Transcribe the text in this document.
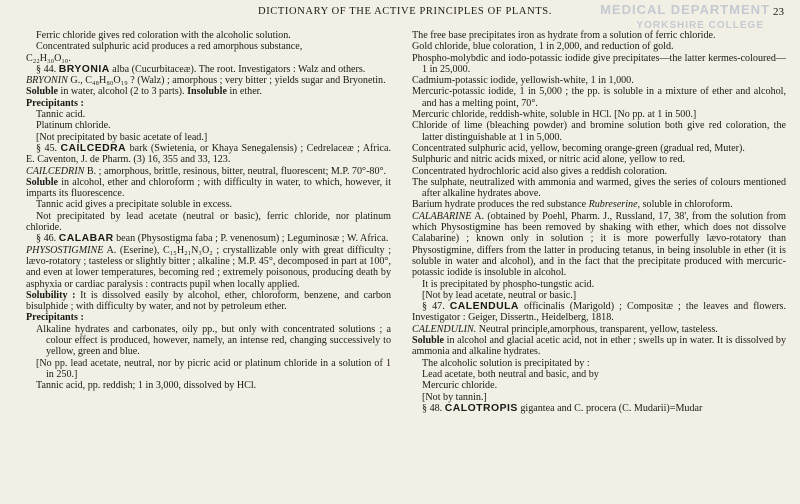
DICTIONARY OF THE ACTIVE PRINCIPLES OF PLANTS.	23
MEDICAL DEPARTMENT
YORKSHIRE COLLEGE

Ferric chloride gives red coloration with the alcoholic solution.

Concentrated sulphuric acid produces a red amorphous substance,

C₂₂H₃₀O₁₀.

§ 44. BRYONIA alba (Cucurbitaceæ). The root. Investigators : Walz and others.

BRYONIN G., C₄₈H₈₀O₁₉ ? (Walz) ; amorphous ; very bitter ; yields sugar and Bryonetin.

Soluble in water, alcohol (2 to 3 parts). Insoluble in ether.

Precipitants :

Tannic acid.

Platinum chloride.

[Not precipitated by basic acetate of lead.]

§ 45. CAILCEDRA bark (Swietenia, or Khaya Senegalensis) ; Cedrelaceæ ; Africa. E. Caventon, J. de Pharm. (3) 16, 355 and 33, 123.

CAILCEDRIN B. ; amorphous, brittle, resinous, bitter, neutral, fluorescent; M.P. 70°-80°.

Soluble in alcohol, ether and chloroform ; with difficulty in water, to which, however, it imparts its fluorescence.

Tannic acid gives a precipitate soluble in excess.

Not precipitated by lead acetate (neutral or basic), ferric chloride, nor platinum chloride.

§ 46. CALABAR bean (Physostigma faba ; P. venenosum) ; Leguminosæ ; W. Africa.

PHYSOSTIGMINE A. (Eserine), C₁₅H₂₁N₃O₂ ; crystallizable only with great difficulty ; lævo-rotatory ; tasteless or slightly bitter ; alkaline ; M.P. 45°, decomposed in part at 100°, and even at lower temperatures, becoming red ; extremely poisonous, producing death by asphyxia or cardiac paralysis : contracts pupil when locally applied.

Solubility : It is dissolved easily by alcohol, ether, chloroform, benzene, and carbon bisulphide ; with difficulty by water, and not by petroleum ether.

Precipitants :

Alkaline hydrates and carbonates, oily pp., but only with concentrated solutions ; a colour effect is produced, however, namely, an intense red, changing successively to yellow, green and blue.

[No pp. lead acetate, neutral, nor by picric acid or platinum chloride in a solution of 1 in 250.]

Tannic acid, pp. reddish; 1 in 3,000, dissolved by HCl.

The free base precipitates iron as hydrate from a solution of ferric chloride.

Gold chloride, blue coloration, 1 in 2,000, and reduction of gold.

Phospho-molybdic and iodo-potassic iodide give precipitates—the latter kermes-coloured—1 in 25,000.

Cadmium-potassic iodide, yellowish-white, 1 in 1,000.

Mercuric-potassic iodide, 1 in 5,000 ; the pp. is soluble in a mixture of ether and alcohol, and has a melting point, 70°.

Mercuric chloride, reddish-white, soluble in HCl. [No pp. at 1 in 500.]

Chloride of lime (bleaching powder) and bromine solution both give red coloration, the latter distinguishable at 1 in 5,000.

Concentrated sulphuric acid, yellow, becoming orange-green (gradual red, Muter).

Sulphuric and nitric acids mixed, or nitric acid alone, yellow to red.

Concentrated hydrochloric acid also gives a reddish coloration.

The sulphate, neutralized with ammonia and warmed, gives the series of colours mentioned after alkaline hydrates above.

Barium hydrate produces the red substance Rubreserine, soluble in chloroform.

CALABARINE A. (obtained by Poehl, Pharm. J., Russland, 17, 38', from the solution from which Physostigmine has been removed by shaking with ether, which does not dissolve Calabarine) ; known only in solution ; it is more powerfully lævo-rotatory than Physostigmine, differs from the latter in producing tetanus, in being insoluble in ether (it is soluble in water and alcohol), and in the fact that the precipitate produced with mercuric-potassic iodide is insoluble in alcohol.

It is precipitated by phospho-tungstic acid.

[Not by lead acetate, neutral or basic.]

§ 47. CALENDULA officinalis (Marigold) ; Compositæ ; the leaves and flowers. Investigator : Geiger, Dissertn., Heidelberg, 1818.

CALENDULIN. Neutral principle,amorphous, transparent, yellow, tasteless.

Soluble in alcohol and glacial acetic acid, not in ether ; swells up in water. It is dissolved by ammonia and alkaline hydrates.

The alcoholic solution is precipitated by :

Lead acetate, both neutral and basic, and by

Mercuric chloride.

[Not by tannin.]

§ 48. CALOTROPIS gigantea and C. procera (C. Mudarii)=Mudar
